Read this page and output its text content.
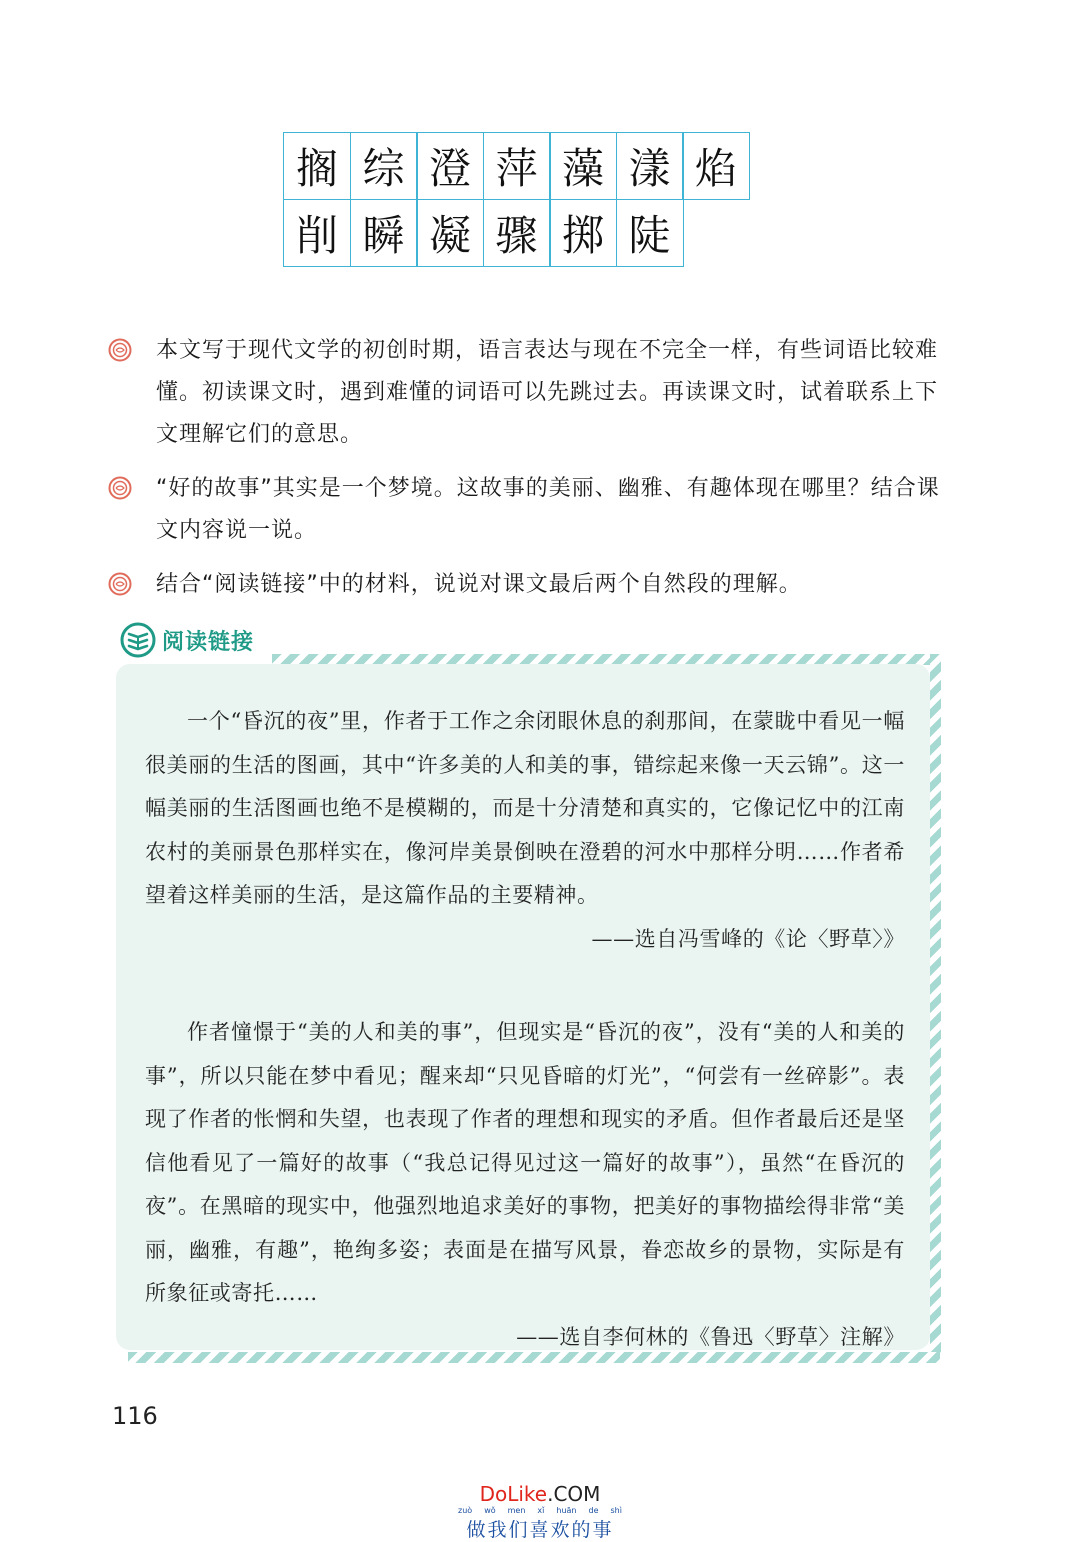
搁 综 澄 萍 藻 漾 焰
削 瞬 凝 骤 掷 陡
本文写于现代文学的初创时期，语言表达与现在不完全一样，有些词语比较难懂。初读课文时，遇到难懂的词语可以先跳过去。再读课文时，试着联系上下文理解它们的意思。
“好的故事”其实是一个梦境。这故事的美丽、幽雅、有趣体现在哪里？结合课文内容说一说。
结合“阅读链接”中的材料，说说对课文最后两个自然段的理解。
阅读链接

一个“昏沉的夜”里，作者于工作之余闭眼休息的刹那间，在蒙眬中看见一幅很美丽的生活的图画，其中“许多美的人和美的事，错综起来像一天云锦”。这一幅美丽的生活图画也绝不是模糊的，而是十分清楚和真实的，它像记忆中的江南农村的美丽景色那样实在，像河岸美景倒映在澄碧的河水中那样分明……作者希望着这样美丽的生活，是这篇作品的主要精神。

——选自冯雪峰的《论〈野草〉》

作者憧憬于“美的人和美的事”，但现实是“昏沉的夜”，没有“美的人和美的事”，所以只能在梦中看见；醒来却“只见昏暗的灯光”，“何尝有一丝碎影”。表现了作者的怅惘和失望，也表现了作者的理想和现实的矛盾。但作者最后还是坚信他看见了一篇好的故事（“我总记得见过这一篇好的故事”），虽然“在昏沉的夜”。在黑暗的现实中，他强烈地追求美好的事物，把美好的事物描绘得非常“美丽，幽雅，有趣”，艳绚多姿；表面是在描写风景，眷恋故乡的景物，实际是有所象征或寄托……

——选自李何林的《鲁迅〈野草〉注解》

116
DoLike.COM
zuò wǒ men xǐ huān de shì
做我们喜欢的事
